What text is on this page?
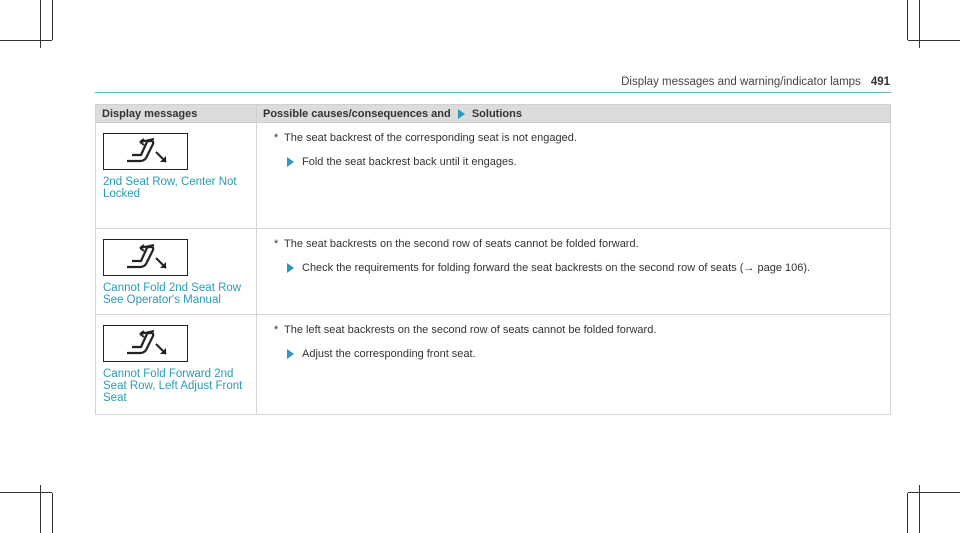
Display messages and warning/indicator lamps 491
Display messages	Possible causes/consequences and Solutions

2nd Seat Row, Center Not Locked	* The seat backrest of the corresponding seat is not engaged.
Fold the seat backrest back until it engages.

Cannot Fold 2nd Seat Row See Operator's Manual	* The seat backrests on the second row of seats cannot be folded forward.
Check the requirements for folding forward the seat backrests on the second row of seats (→ page 106).

Cannot Fold Forward 2nd Seat Row, Left Adjust Front Seat	* The left seat backrests on the second row of seats cannot be folded forward.
Adjust the corresponding front seat.
